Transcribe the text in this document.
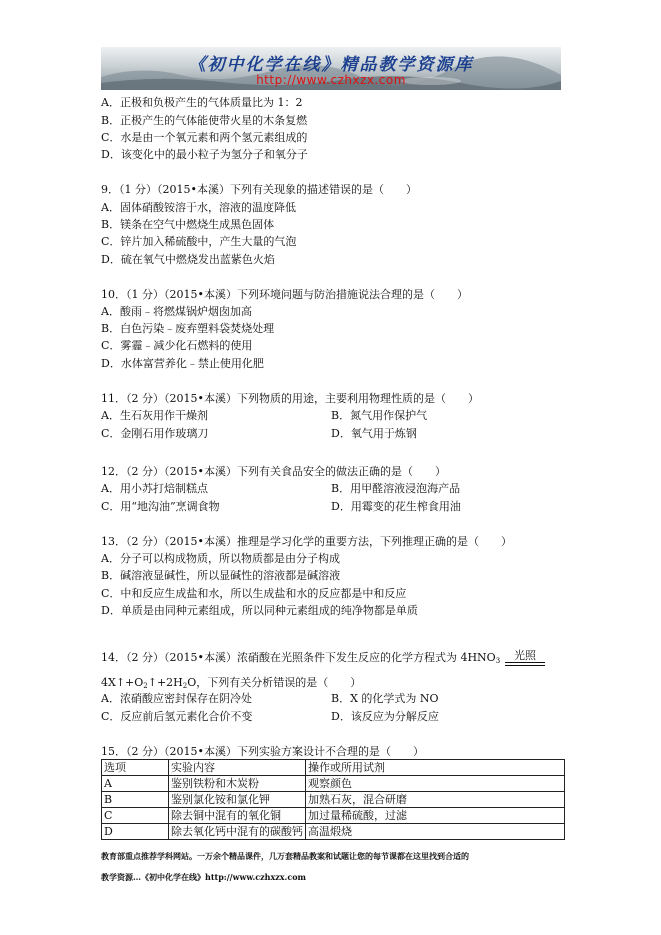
《初中化学在线》精品教学资源库
http://www.czhxzx.com
A．正极和负极产生的气体质量比为 1：2
B．正极产生的气体能使带火星的木条复燃
C．水是由一个氧元素和两个氢元素组成的
D．该变化中的最小粒子为氢分子和氧分子
9．（1 分）（2015•本溪）下列有关现象的描述错误的是（　　）
A．固体硝酸铵溶于水，溶液的温度降低
B．镁条在空气中燃烧生成黑色固体
C．锌片加入稀硫酸中，产生大量的气泡
D．硫在氧气中燃烧发出蓝紫色火焰
10．（1 分）（2015•本溪）下列环境问题与防治措施说法合理的是（　　）
A．酸雨﹣将燃煤锅炉烟囱加高
B．白色污染﹣废弃塑料袋焚烧处理
C．雾霾﹣减少化石燃料的使用
D．水体富营养化﹣禁止使用化肥
11．（2 分）（2015•本溪）下列物质的用途，主要利用物理性质的是（　　）
A．生石灰用作干燥剂	B．氮气用作保护气
C．金刚石用作玻璃刀	D．氧气用于炼钢
12．（2 分）（2015•本溪）下列有关食品安全的做法正确的是（　　）
A．用小苏打焙制糕点	B．用甲醛溶液浸泡海产品
C．用“地沟油”烹调食物	D．用霉变的花生榨食用油
13．（2 分）（2015•本溪）推理是学习化学的重要方法，下列推理正确的是（　　）
A．分子可以构成物质，所以物质都是由分子构成
B．碱溶液显碱性，所以显碱性的溶液都是碱溶液
C．中和反应生成盐和水，所以生成盐和水的反应都是中和反应
D．单质是由同种元素组成，所以同种元素组成的纯净物都是单质
14．（2 分）（2015•本溪）浓硝酸在光照条件下发生反应的化学方程式为 $4HNO_3$	光照
$4X↑+O_2↑+2H_2O$，下列有关分析错误的是（　　）
A．浓硝酸应密封保存在阴冷处	B．X 的化学式为 NO
C．反应前后氢元素化合价不变	D．该反应为分解反应
15．（2 分）（2015•本溪）下列实验方案设计不合理的是（　　）
选项	实验内容	操作或所用试剂
A	鉴别铁粉和木炭粉	观察颜色
B	鉴别氯化铵和氯化钾	加熟石灰，混合研磨
C	除去铜中混有的氧化铜	加过量稀硫酸，过滤
D	除去氧化钙中混有的碳酸钙	高温煅烧
教育部重点推荐学科网站。一万余个精品课件，几万套精品教案和试题让您的每节课都在这里找到合适的
教学资源…《初中化学在线》http://www.czhxzx.com
